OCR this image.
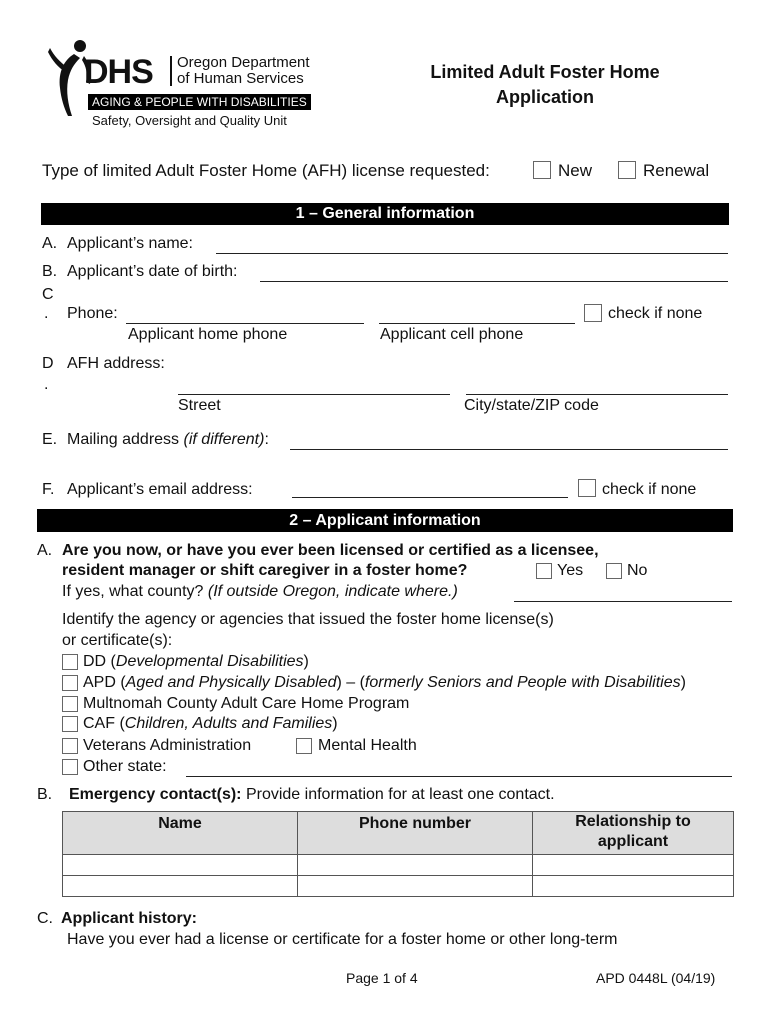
DHS Oregon Department
of Human Services
AGING & PEOPLE WITH DISABILITIES
Safety, Oversight and Quality Unit
Limited Adult Foster Home
Application
Type of limited Adult Foster Home (AFH) license requested:	New	Renewal
1 – General information
A. Applicant’s name:
B. Applicant’s date of birth:
C
. Phone:	check if none
Applicant home phone	Applicant cell phone
D
.
AFH address:
Street	City/state/ZIP code
E. Mailing address (if different):
F. Applicant’s email address:	check if none
2 – Applicant information
A. Are you now, or have you ever been licensed or certified as a licensee,
resident manager or shift caregiver in a foster home?	Yes	No
If yes, what county? (If outside Oregon, indicate where.)
Identify the agency or agencies that issued the foster home license(s)
or certificate(s):
DD (Developmental Disabilities)
APD (Aged and Physically Disabled) – (formerly Seniors and People with Disabilities)
Multnomah County Adult Care Home Program
CAF (Children, Adults and Families)
Veterans Administration	Mental Health
Other state:
B. Emergency contact(s): Provide information for at least one contact.
Name	Phone number	Relationship to applicant

C. Applicant history:
Have you ever had a license or certificate for a foster home or other long-term
Page 1 of 4	APD 0448L (04/19)
